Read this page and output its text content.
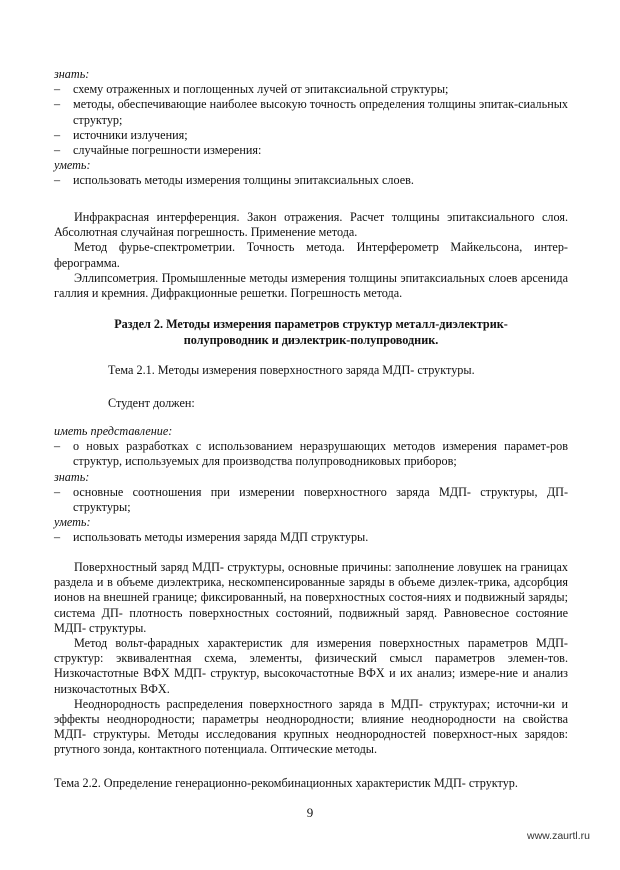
знать:
–	схему отраженных и поглощенных лучей от эпитаксиальной структуры;
–	методы, обеспечивающие наиболее высокую точность определения толщины эпитак-сиальных структур;
–	источники излучения;
–	случайные погрешности измерения:
уметь:
–	использовать методы измерения толщины эпитаксиальных слоев.
Инфракрасная интерференция. Закон отражения. Расчет толщины эпитаксиального слоя. Абсолютная случайная погрешность. Применение метода.
Метод фурье-спектрометрии. Точность метода. Интерферометр Майкельсона, интер-ферограмма.
Эллипсометрия. Промышленные методы измерения толщины эпитаксиальных слоев арсенида галлия и кремния. Дифракционные решетки. Погрешность метода.
Раздел 2. Методы измерения параметров структур металл-диэлектрик-
полупроводник и диэлектрик-полупроводник.
Тема 2.1. Методы измерения поверхностного заряда МДП- структуры.
Студент должен:
иметь представление:
–	о новых разработках с использованием неразрушающих методов измерения парамет-ров структур, используемых для производства полупроводниковых приборов;
знать:
–	основные соотношения при измерении поверхностного заряда МДП- структуры, ДП-структуры;
уметь:
–	использовать методы измерения заряда МДП структуры.
Поверхностный заряд МДП- структуры, основные причины: заполнение ловушек на границах раздела и в объеме диэлектрика, нескомпенсированные заряды в объеме диэлек-трика, адсорбция ионов на внешней границе; фиксированный, на поверхностных состоя-ниях и подвижный заряды; система ДП- плотность поверхностных состояний, подвижный заряд. Равновесное состояние МДП- структуры.
Метод вольт-фарадных характеристик для измерения поверхностных параметров МДП- структур: эквивалентная схема, элементы, физический смысл параметров элемен-тов. Низкочастотные ВФХ МДП- структур, высокочастотные ВФХ и их анализ; измере-ние и анализ низкочастотных ВФХ.
Неоднородность распределения поверхностного заряда в МДП- структурах; источни-ки и эффекты неоднородности; параметры неоднородности; влияние неоднородности на свойства МДП- структуры. Методы исследования крупных неоднородностей поверхност-ных зарядов: ртутного зонда, контактного потенциала. Оптические методы.
Тема 2.2. Определение генерационно-рекомбинационных характеристик МДП- структур.
9
www.zaurtl.ru
